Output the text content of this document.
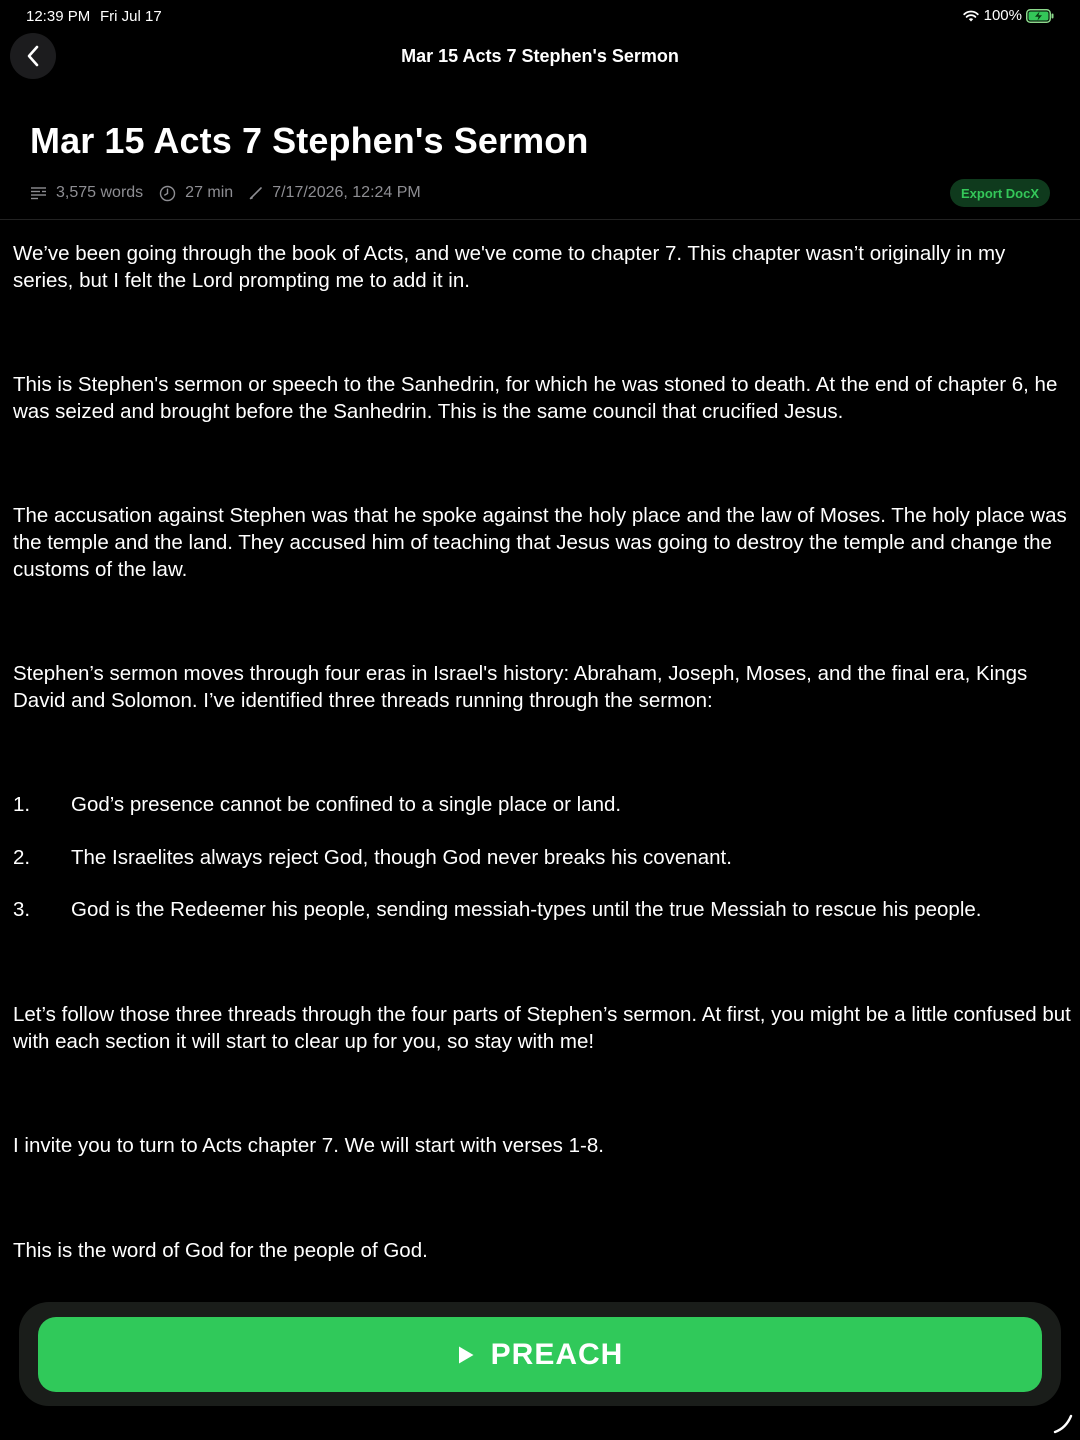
12:39 PM Fri Jul 17	100%
Mar 15 Acts 7 Stephen's Sermon
Mar 15 Acts 7 Stephen's Sermon
3,575 words	27 min 7/17/2026, 12:24 PM	Export DocX

We’ve been going through the book of Acts, and we've come to chapter 7. This chapter wasn’t originally in my series, but I felt the Lord prompting me to add it in.

This is Stephen's sermon or speech to the Sanhedrin, for which he was stoned to death. At the end of chapter 6, he was seized and brought before the Sanhedrin. This is the same council that crucified Jesus.

The accusation against Stephen was that he spoke against the holy place and the law of Moses. The holy place was the temple and the land. They accused him of teaching that Jesus was going to destroy the temple and change the customs of the law.

Stephen’s sermon moves through four eras in Israel's history: Abraham, Joseph, Moses, and the final era, Kings David and Solomon. I’ve identified three threads running through the sermon:

1.	God’s presence cannot be confined to a single place or land.
2.	The Israelites always reject God, though God never breaks his covenant.
3.	God is the Redeemer his people, sending messiah-types until the true Messiah to rescue his people.

Let’s follow those three threads through the four parts of Stephen’s sermon. At first, you might be a little confused but with each section it will start to clear up for you, so stay with me!

I invite you to turn to Acts chapter 7. We will start with verses 1-8.

This is the word of God for the people of God.

PREACH
